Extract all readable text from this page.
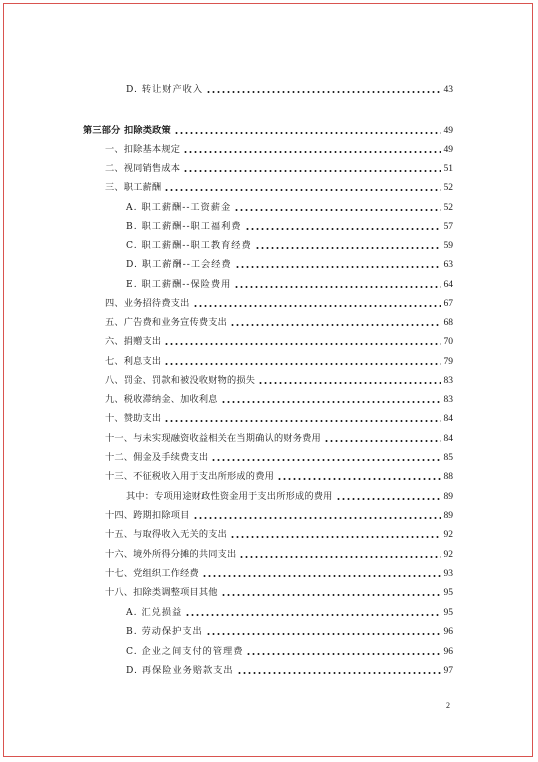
D. 转让财产收入	43
第三部分 扣除类政策	49
一、扣除基本规定	49
二、视同销售成本	51
三、职工薪酬	52
A. 职工薪酬--工资薪金	52
B. 职工薪酬--职工福利费	57
C. 职工薪酬--职工教育经费	59
D. 职工薪酬--工会经费	63
E. 职工薪酬--保险费用	64
四、业务招待费支出	67
五、广告费和业务宣传费支出	68
六、捐赠支出	70
七、利息支出	79
八、罚金、罚款和被没收财物的损失	83
九、税收滞纳金、加收利息	83
十、赞助支出	84
十一、与未实现融资收益相关在当期确认的财务费用	84
十二、佣金及手续费支出	85
十三、不征税收入用于支出所形成的费用	88
其中：专项用途财政性资金用于支出所形成的费用	89
十四、跨期扣除项目	89
十五、与取得收入无关的支出	92
十六、境外所得分摊的共同支出	92
十七、党组织工作经费	93
十八、扣除类调整项目其他	95
A. 汇兑损益	95
B. 劳动保护支出	96
C. 企业之间支付的管理费	96
D. 再保险业务赔款支出	97
2
